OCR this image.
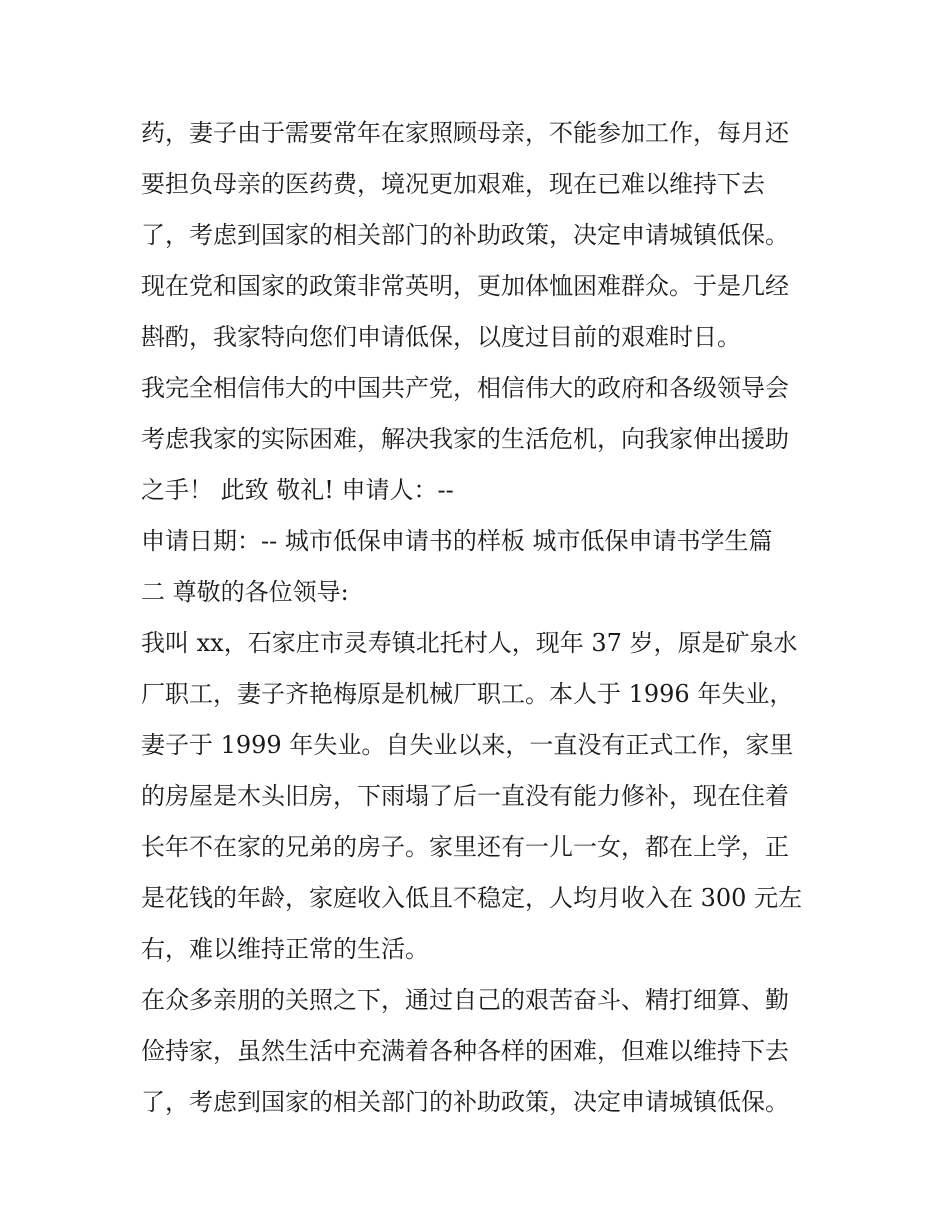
药，妻子由于需要常年在家照顾母亲，不能参加工作，每月还
要担负母亲的医药费，境况更加艰难，现在已难以维持下去
了，考虑到国家的相关部门的补助政策，决定申请城镇低保。
现在党和国家的政策非常英明，更加体恤困难群众。于是几经
斟酌，我家特向您们申请低保，以度过目前的艰难时日。
我完全相信伟大的中国共产党，相信伟大的政府和各级领导会
考虑我家的实际困难，解决我家的生活危机，向我家伸出援助
之手！ 此致 敬礼! 申请人：--
申请日期：-- 城市低保申请书的样板 城市低保申请书学生篇
二 尊敬的各位领导:
我叫 xx，石家庄市灵寿镇北托村人，现年 37 岁，原是矿泉水
厂职工，妻子齐艳梅原是机械厂职工。本人于 1996 年失业，
妻子于 1999 年失业。自失业以来，一直没有正式工作，家里
的房屋是木头旧房，下雨塌了后一直没有能力修补，现在住着
长年不在家的兄弟的房子。家里还有一儿一女，都在上学，正
是花钱的年龄，家庭收入低且不稳定，人均月收入在 300 元左
右，难以维持正常的生活。
在众多亲朋的关照之下，通过自己的艰苦奋斗、精打细算、勤
俭持家，虽然生活中充满着各种各样的困难，但难以维持下去
了，考虑到国家的相关部门的补助政策，决定申请城镇低保。
